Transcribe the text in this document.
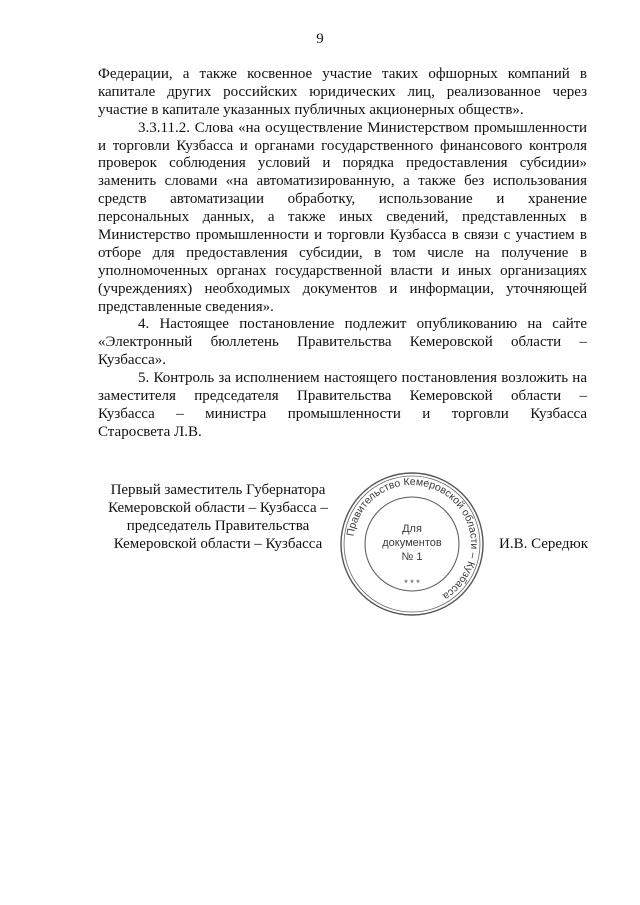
9
Федерации, а также косвенное участие таких офшорных компаний в
капитале других российских юридических лиц, реализованное через
участие в капитале указанных публичных акционерных обществ».
3.3.11.2. Слова «на осуществление Министерством промышленности
и торговли Кузбасса и органами государственного финансового контроля
проверок соблюдения условий и порядка предоставления субсидии»
заменить словами «на автоматизированную, а также без использования
средств автоматизации обработку, использование и хранение
персональных данных, а также иных сведений, представленных в
Министерство промышленности и торговли Кузбасса в связи с участием в
отборе для предоставления субсидии, в том числе на получение в
уполномоченных органах государственной власти и иных организациях
(учреждениях) необходимых документов и информации, уточняющей
представленные сведения».
4. Настоящее постановление подлежит опубликованию на сайте
«Электронный бюллетень Правительства Кемеровской области –
Кузбасса».
5. Контроль за исполнением настоящего постановления возложить на
заместителя председателя Правительства Кемеровской области –
Кузбасса – министра промышленности и торговли Кузбасса
Старосвета Л.В.
Первый заместитель Губернатора
Кемеровской области – Кузбасса –
председатель Правительства
Кемеровской области – Кузбасса
Правительство Кемеровской области – Кузбасса
* * *
Для
документов
№ 1
И.В. Середюк
